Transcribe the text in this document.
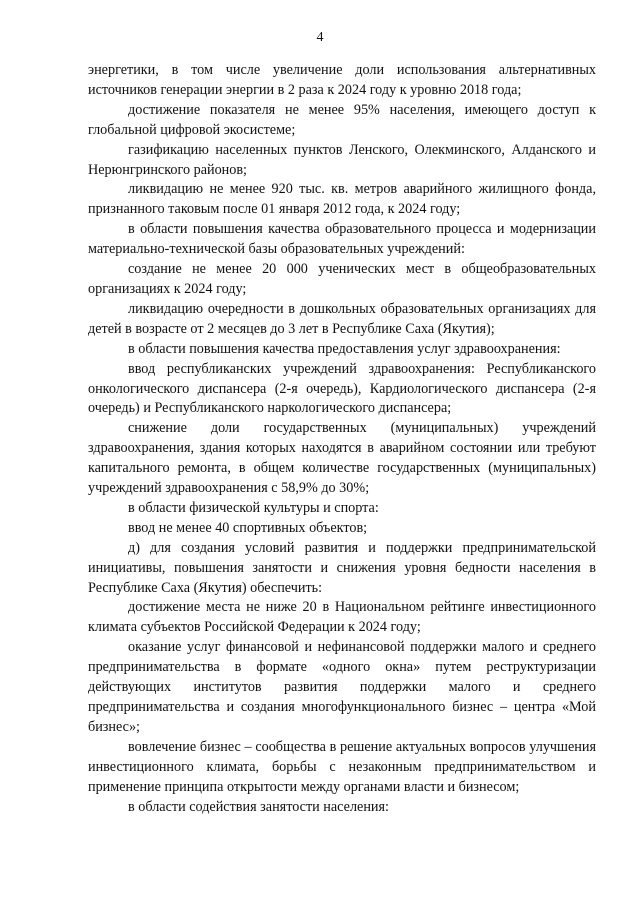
4

энергетики, в том числе увеличение доли использования альтернативных источников генерации энергии в 2 раза к 2024 году к уровню 2018 года;

достижение показателя не менее 95% населения, имеющего доступ к глобальной цифровой экосистеме;

газификацию населенных пунктов Ленского, Олекминского, Алданского и Нерюнгринского районов;

ликвидацию не менее 920 тыс. кв. метров аварийного жилищного фонда, признанного таковым после 01 января 2012 года, к 2024 году;

в области повышения качества образовательного процесса и модернизации материально-технической базы образовательных учреждений:

создание не менее 20 000 ученических мест в общеобразовательных организациях к 2024 году;

ликвидацию очередности в дошкольных образовательных организациях для детей в возрасте от 2 месяцев до 3 лет в Республике Саха (Якутия);

в области повышения качества предоставления услуг здравоохранения:

ввод республиканских учреждений здравоохранения: Республиканского онкологического диспансера (2-я очередь), Кардиологического диспансера (2-я очередь) и Республиканского наркологического диспансера;

снижение доли государственных (муниципальных) учреждений здравоохранения, здания которых находятся в аварийном состоянии или требуют капитального ремонта, в общем количестве государственных (муниципальных) учреждений здравоохранения с 58,9% до 30%;

в области физической культуры и спорта:

ввод не менее 40 спортивных объектов;

д) для создания условий развития и поддержки предпринимательской инициативы, повышения занятости и снижения уровня бедности населения в Республике Саха (Якутия) обеспечить:

достижение места не ниже 20 в Национальном рейтинге инвестиционного климата субъектов Российской Федерации к 2024 году;

оказание услуг финансовой и нефинансовой поддержки малого и среднего предпринимательства в формате «одного окна» путем реструктуризации действующих институтов развития поддержки малого и среднего предпринимательства и создания многофункционального бизнес – центра «Мой бизнес»;

вовлечение бизнес – сообщества в решение актуальных вопросов улучшения инвестиционного климата, борьбы с незаконным предпринимательством и применение принципа открытости между органами власти и бизнесом;

в области содействия занятости населения:
